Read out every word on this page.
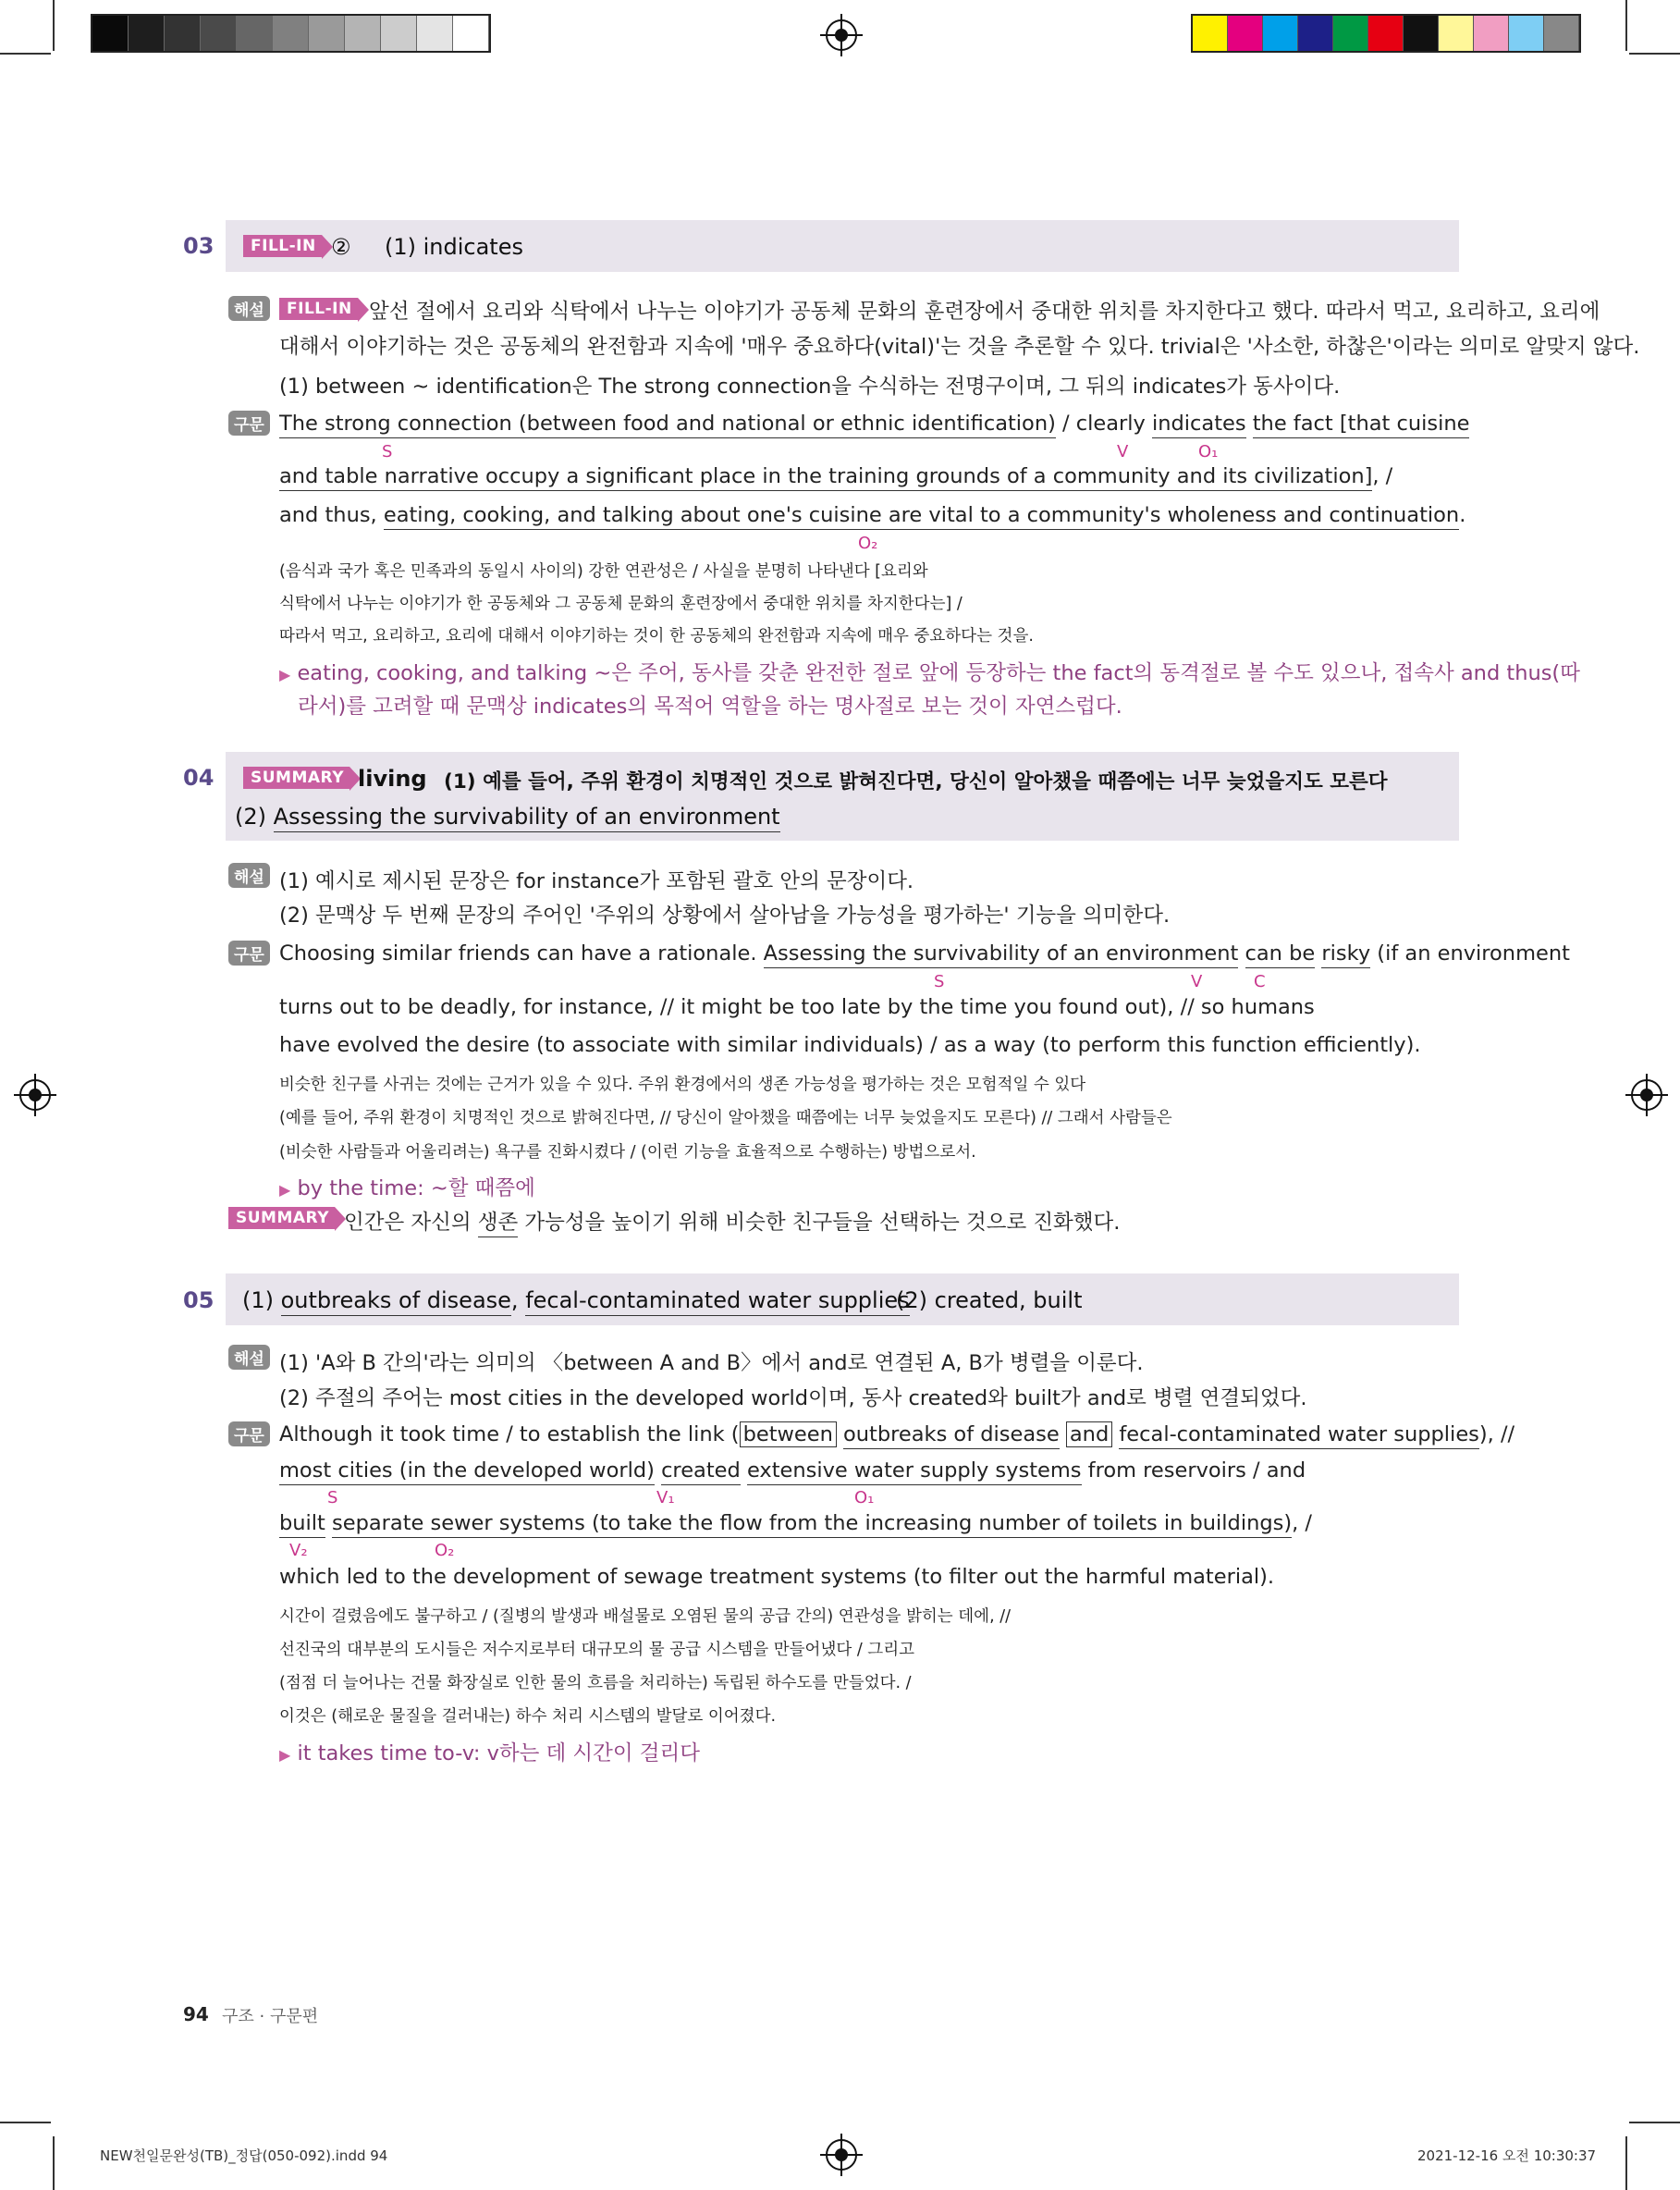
03	FILL-IN ② (1) indicates
해설	FILL-IN 앞선 절에서 요리와 식탁에서 나누는 이야기가 공동체 문화의 훈련장에서 중대한 위치를 차지한다고 했다. 따라서 먹고, 요리하고, 요리에
대해서 이야기하는 것은 공동체의 완전함과 지속에 '매우 중요하다(vital)'는 것을 추론할 수 있다. trivial은 '사소한, 하찮은'이라는 의미로 알맞지 않다.
(1) between ~ identification은 The strong connection을 수식하는 전명구이며, 그 뒤의 indicates가 동사이다.
구문 The strong connection (between food and national or ethnic identification) / clearly indicates the fact [that cuisine
S	V	O₁
and table narrative occupy a significant place in the training grounds of a community and its civilization], /
and thus, eating, cooking, and talking about one's cuisine are vital to a community's wholeness and continuation.
O₂
(음식과 국가 혹은 민족과의 동일시 사이의) 강한 연관성은 / 사실을 분명히 나타낸다 [요리와
식탁에서 나누는 이야기가 한 공동체와 그 공동체 문화의 훈련장에서 중대한 위치를 차지한다는] /
따라서 먹고, 요리하고, 요리에 대해서 이야기하는 것이 한 공동체의 완전함과 지속에 매우 중요하다는 것을.
▶ eating, cooking, and talking ~은 주어, 동사를 갖춘 완전한 절로 앞에 등장하는 the fact의 동격절로 볼 수도 있으나, 접속사 and thus(따
라서)를 고려할 때 문맥상 indicates의 목적어 역할을 하는 명사절로 보는 것이 자연스럽다.
04	SUMMARY living (1) 예를 들어, 주위 환경이 치명적인 것으로 밝혀진다면, 당신이 알아챘을 때쯤에는 너무 늦었을지도 모른다
(2) Assessing the survivability of an environment
해설 (1) 예시로 제시된 문장은 for instance가 포함된 괄호 안의 문장이다.
(2) 문맥상 두 번째 문장의 주어인 '주위의 상황에서 살아남을 가능성을 평가하는' 기능을 의미한다.
구문 Choosing similar friends can have a rationale. Assessing the survivability of an environment can be risky (if an environment
S	V	C
turns out to be deadly, for instance, // it might be too late by the time you found out), // so humans
have evolved the desire (to associate with similar individuals) / as a way (to perform this function efficiently).
비슷한 친구를 사귀는 것에는 근거가 있을 수 있다. 주위 환경에서의 생존 가능성을 평가하는 것은 모험적일 수 있다
(예를 들어, 주위 환경이 치명적인 것으로 밝혀진다면, // 당신이 알아챘을 때쯤에는 너무 늦었을지도 모른다) // 그래서 사람들은
(비슷한 사람들과 어울리려는) 욕구를 진화시켰다 / (이런 기능을 효율적으로 수행하는) 방법으로서.
▶ by the time: ~할 때쯤에
SUMMARY 인간은 자신의 생존 가능성을 높이기 위해 비슷한 친구들을 선택하는 것으로 진화했다.
05 (1) outbreaks of disease, fecal-contaminated water supplies
(2) created, built
해설 (1) 'A와 B 간의'라는 의미의 〈between A and B〉에서 and로 연결된 A, B가 병렬을 이룬다.
(2) 주절의 주어는 most cities in the developed world이며, 동사 created와 built가 and로 병렬 연결되었다.
구문 Although it took time / to establish the link ( between outbreaks of disease and fecal-contaminated water supplies), //
most cities (in the developed world) created extensive water supply systems from reservoirs / and
S	V₁	O₁
built separate sewer systems (to take the flow from the increasing number of toilets in buildings), /
V₂	O₂
which led to the development of sewage treatment systems (to filter out the harmful material).
시간이 걸렸음에도 불구하고 / (질병의 발생과 배설물로 오염된 물의 공급 간의) 연관성을 밝히는 데에, //
선진국의 대부분의 도시들은 저수지로부터 대규모의 물 공급 시스템을 만들어냈다 / 그리고
(점점 더 늘어나는 건물 화장실로 인한 물의 흐름을 처리하는) 독립된 하수도를 만들었다. /
이것은 (해로운 물질을 걸러내는) 하수 처리 시스템의 발달로 이어졌다.
▶ it takes time to-v: v하는 데 시간이 걸리다
94 구조 · 구문편
NEW천일문완성(TB)_정답(050-092).indd 94	2021-12-16 오전 10:30:37
